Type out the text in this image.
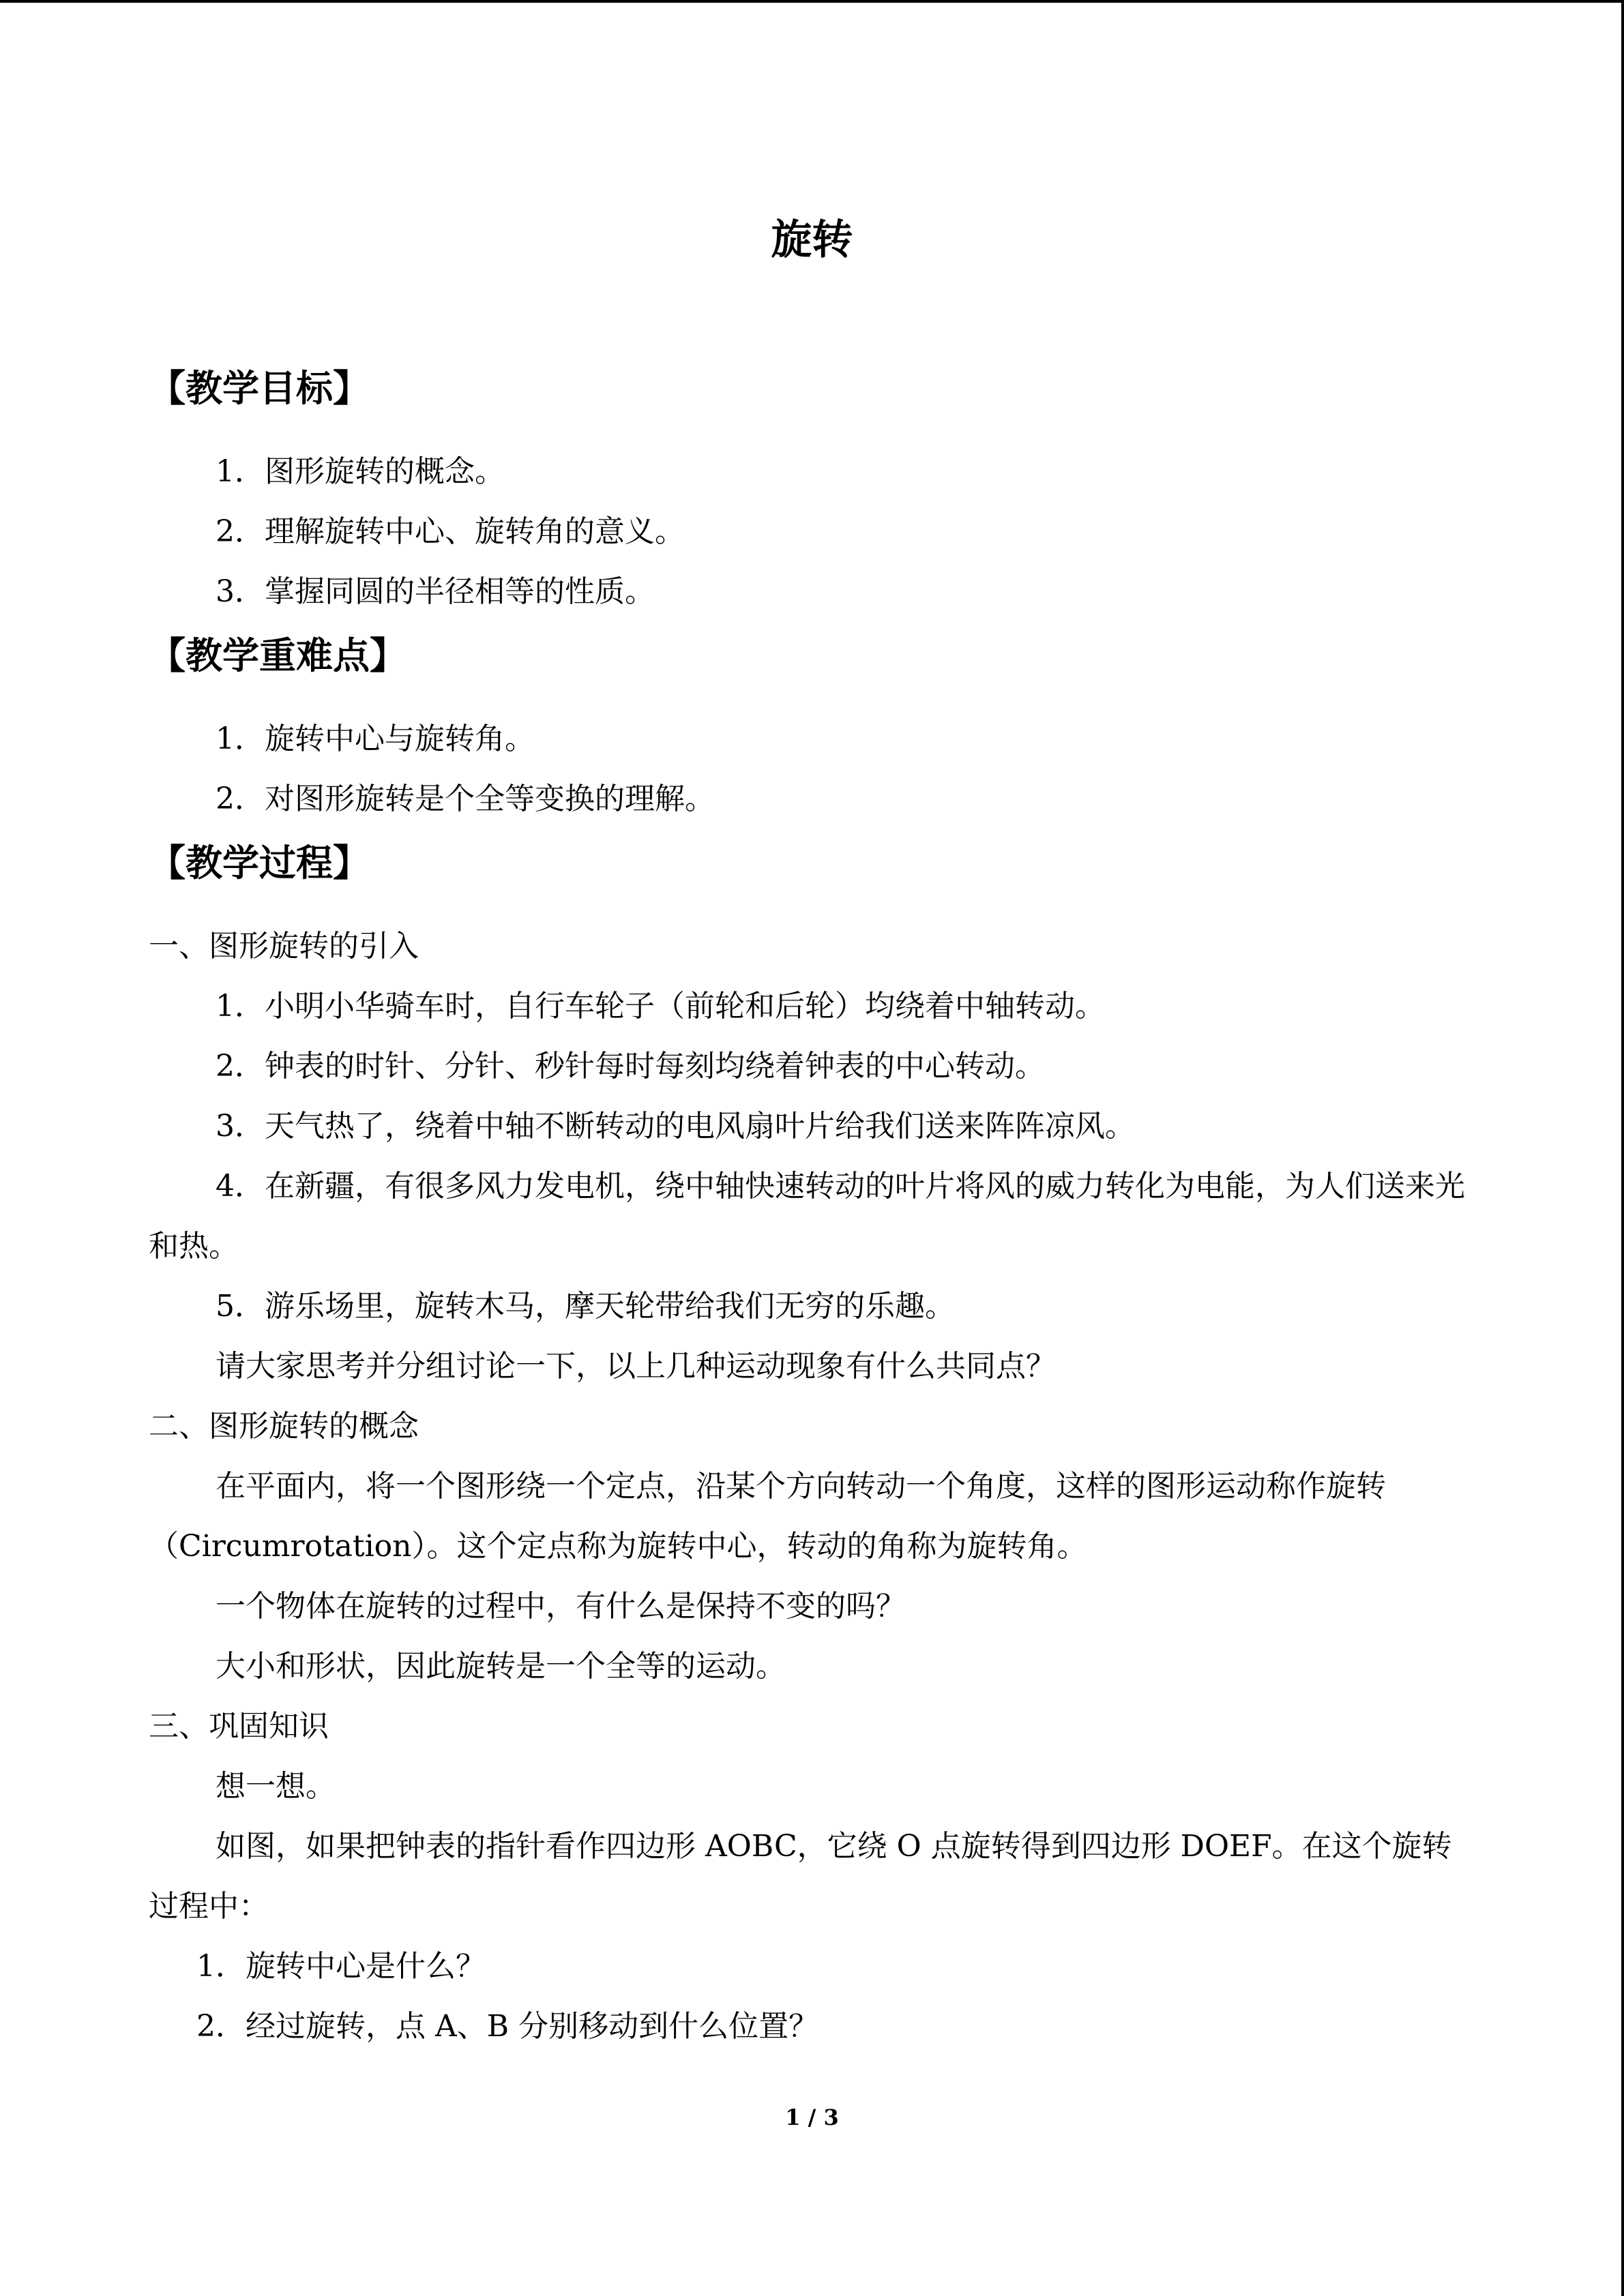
旋转
【教学目标】
1．图形旋转的概念。
2．理解旋转中心、旋转角的意义。
3．掌握同圆的半径相等的性质。
【教学重难点】
1．旋转中心与旋转角。
2．对图形旋转是个全等变换的理解。
【教学过程】
一、图形旋转的引入
1．小明小华骑车时，自行车轮子（前轮和后轮）均绕着中轴转动。
2．钟表的时针、分针、秒针每时每刻均绕着钟表的中心转动。
3．天气热了，绕着中轴不断转动的电风扇叶片给我们送来阵阵凉风。
4．在新疆，有很多风力发电机，绕中轴快速转动的叶片将风的威力转化为电能，为人们送来光和热。
5．游乐场里，旋转木马，摩天轮带给我们无穷的乐趣。
请大家思考并分组讨论一下，以上几种运动现象有什么共同点？
二、图形旋转的概念
在平面内，将一个图形绕一个定点，沿某个方向转动一个角度，这样的图形运动称作旋转（Circumrotation）。这个定点称为旋转中心，转动的角称为旋转角。
一个物体在旋转的过程中，有什么是保持不变的吗？
大小和形状，因此旋转是一个全等的运动。
三、巩固知识
想一想。
如图，如果把钟表的指针看作四边形 AOBC，它绕 O 点旋转得到四边形 DOEF。在这个旋转过程中：
1．旋转中心是什么？
2．经过旋转，点 A、B 分别移动到什么位置？
1 / 3
